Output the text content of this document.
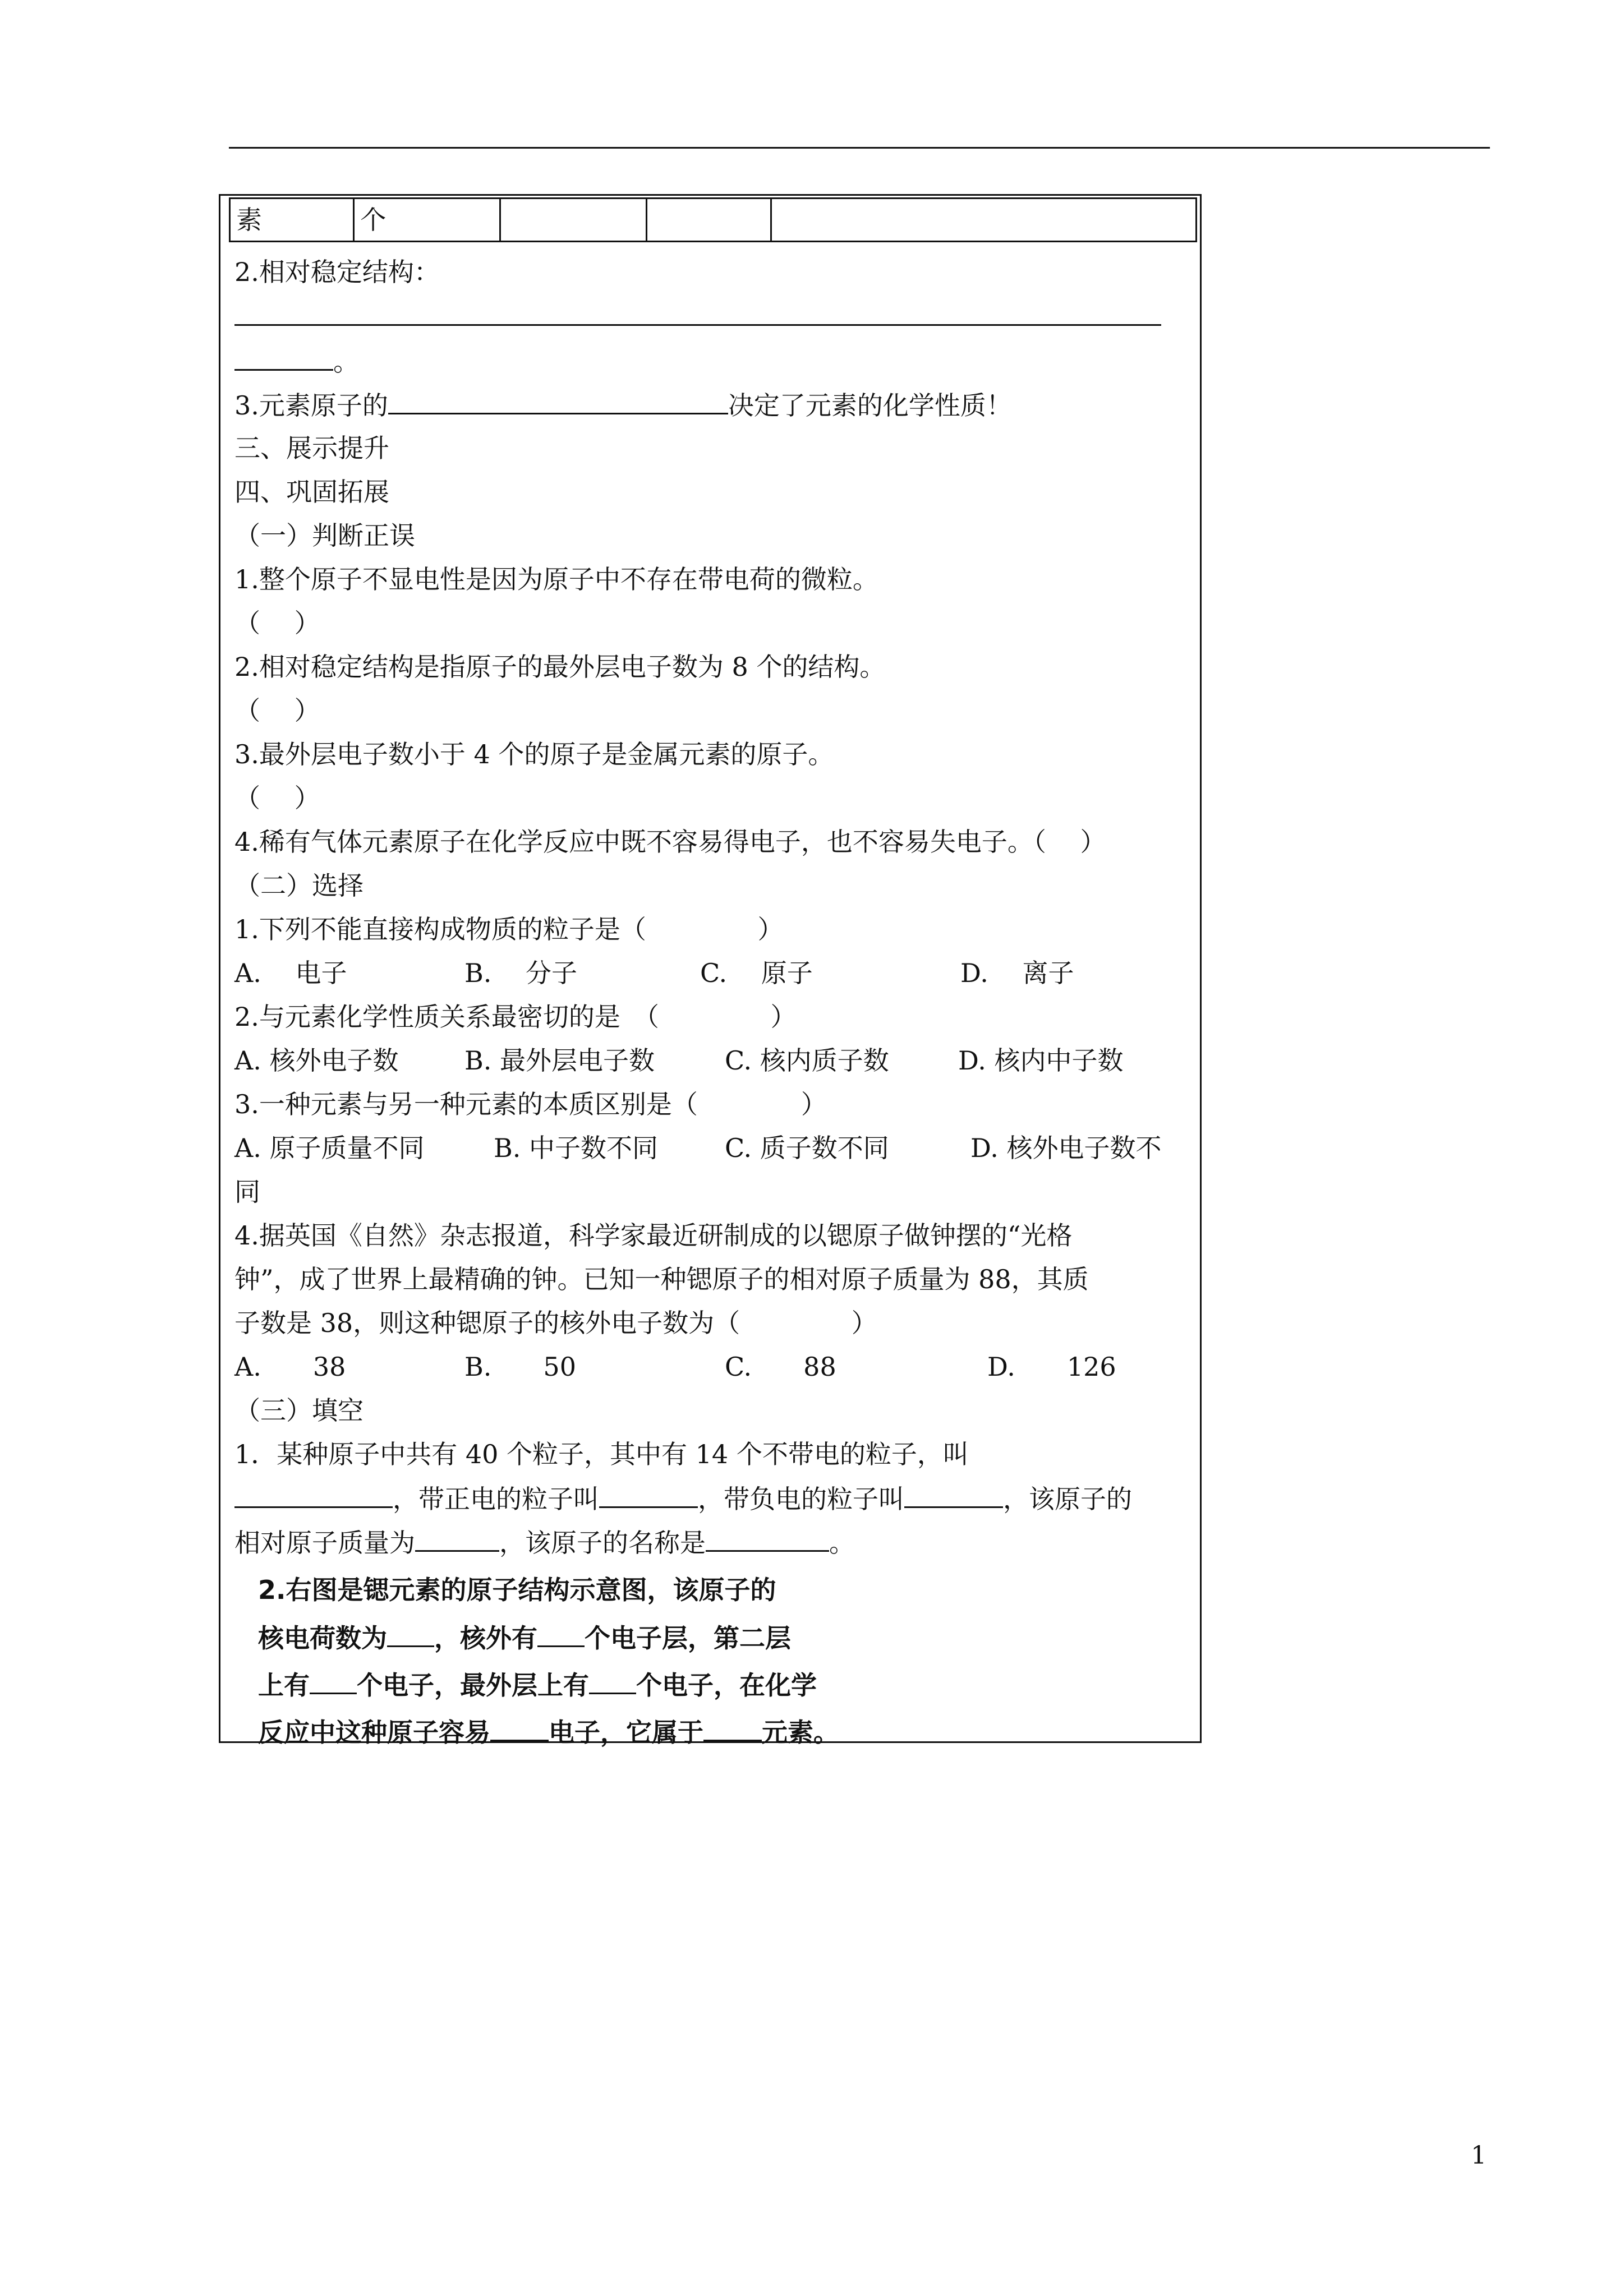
素	个
2.相对稳定结构：
。
3.元素原子的	决定了元素的化学性质！
三、展示提升
四、巩固拓展
（一）判断正误
1.整个原子不显电性是因为原子中不存在带电荷的微粒。
（　 ）
2.相对稳定结构是指原子的最外层电子数为 8 个的结构。
（　 ）
3.最外层电子数小于 4 个的原子是金属元素的原子。
（　 ）
4.稀有气体元素原子在化学反应中既不容易得电子，也不容易失电子。（　 ）
（二）选择
1.下列不能直接构成物质的粒子是（　　　　 ）
A.　 电子	B.　 分子	C.　 原子	D.　 离子
2.与元素化学性质关系最密切的是　（　　　　 ）
A. 核外电子数	B. 最外层电子数	C. 核内质子数	D. 核内中子数
3.一种元素与另一种元素的本质区别是（　　　　）
A. 原子质量不同	B. 中子数不同	C. 质子数不同	D. 核外电子数不
同
4.据英国《自然》杂志报道，科学家最近研制成的以锶原子做钟摆的“光格
钟”，成了世界上最精确的钟。已知一种锶原子的相对原子质量为 88，其质
子数是 38，则这种锶原子的核外电子数为（　　　　 ）
A.　　38	B.　　50	C.　　88	D.　　126
（三）填空
1．某种原子中共有 40 个粒子，其中有 14 个不带电的粒子，叫
，带正电的粒子叫	，带负电的粒子叫	，该原子的
相对原子质量为	，该原子的名称是	。
2.右图是锶元素的原子结构示意图，该原子的
核电荷数为 ，核外有 个电子层，第二层
上有 个电子，最外层上有 个电子，在化学
反应中这种原子容易 电子，它属于 元素。
1
